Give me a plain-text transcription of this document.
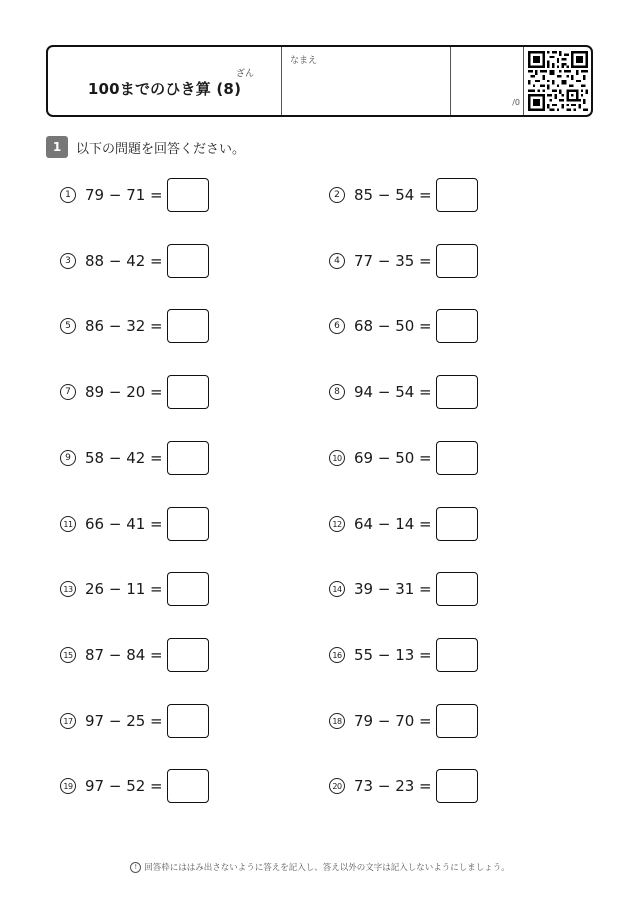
ざん
100までのひき算 (8)
なまえ
/0
1	以下の問題を回答ください。
1 79 − 71 =	2 85 − 54 =
3 88 − 42 =	4 77 − 35 =
5 86 − 32 =	6 68 − 50 =
7 89 − 20 =	8 94 − 54 =
9 58 − 42 =	10 69 − 50 =
11 66 − 41 =	12 64 − 14 =
13 26 − 11 =	14 39 − 31 =
15 87 − 84 =	16 55 − 13 =
17 97 − 25 =	18 79 − 70 =
19 97 − 52 =	20 73 − 23 =
! 回答枠にははみ出さないように答えを記入し、答え以外の文字は記入しないようにしましょう。
